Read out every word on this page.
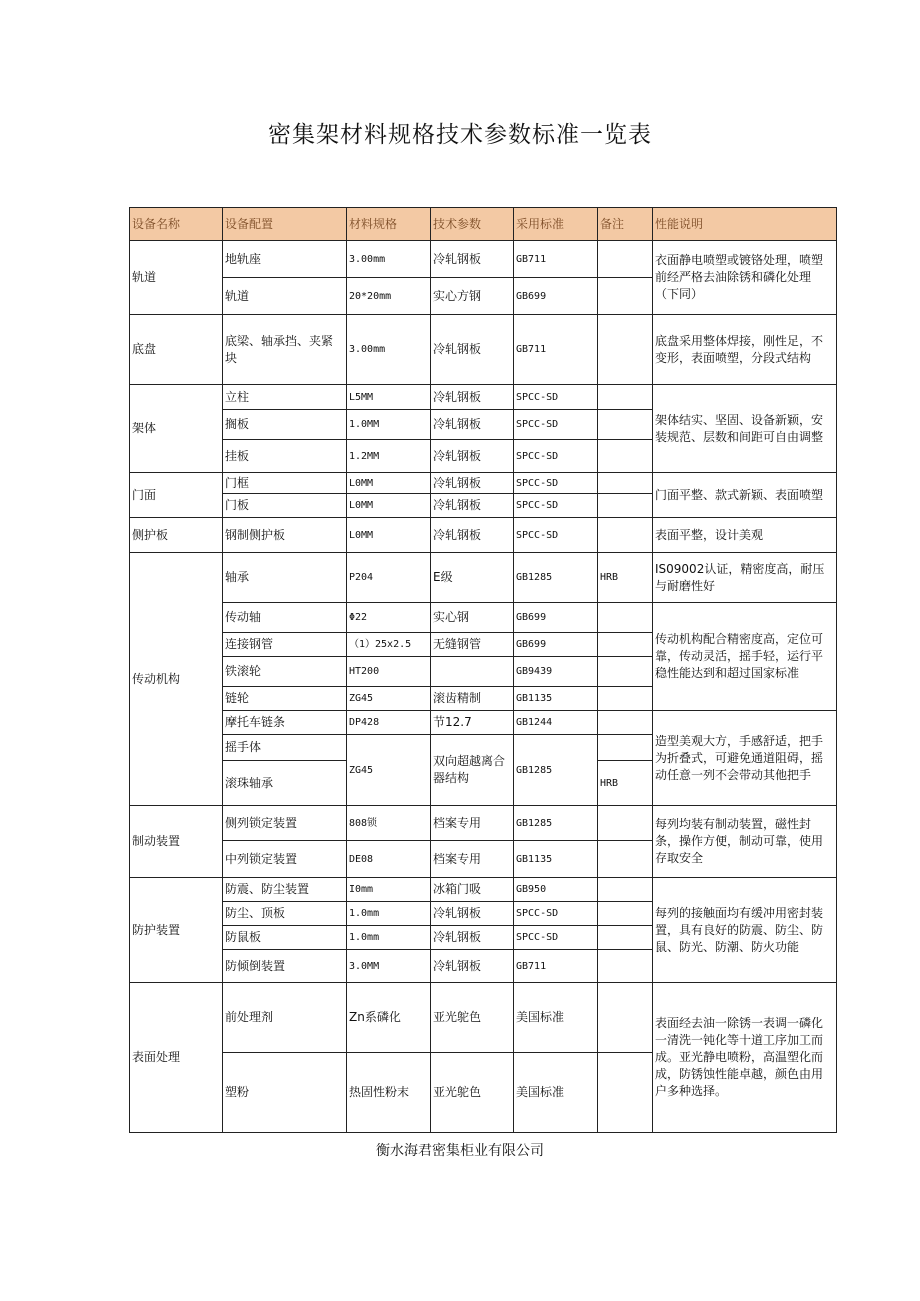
密集架材料规格技术参数标准一览表
设备名称	设备配置	材料规格	技术参数	采用标准	备注	性能说明
轨道	地轨座	3.00mm	冷轧钢板	GB711		衣面静电喷塑或镀铬处理，喷塑前经严格去油除锈和磷化处理（下同）
	轨道	20*20mm	实心方钢	GB699		
底盘	底梁、轴承挡、夹紧块	3.00mm	冷轧钢板	GB711		底盘采用整体焊接，刚性足，不变形，表面喷塑，分段式结构
架体	立柱	L5MM	冷轧钢板	SPCC-SD		架体结实、坚固、设备新颖，安装规范、层数和间距可自由调整
	搁板	1.0MM	冷轧钢板	SPCC-SD		
	挂板	1.2MM	冷轧钢板	SPCC-SD		
门面	门框	L0MM	冷轧钢板	SPCC-SD		门面平整、款式新颖、表面喷塑
	门板	L0MM	冷轧钢板	SPCC-SD		
侧护板	钢制侧护板	L0MM	冷轧钢板	SPCC-SD		表面平整，设计美观
传动机构	轴承	P204	E级	GB1285	HRB	IS09002认证，精密度高，耐压与耐磨性好
	传动轴	Φ22	实心钢	GB699		传动机构配合精密度高，定位可靠，传动灵活，摇手轻，运行平稳性能达到和超过国家标准
	连接钢管	（1）25x2.5	无缝钢管	GB699		
	铁滚轮	HT200		GB9439		
	链轮	ZG45	滚齿精制	GB1135		
	摩托车链条	DP428	节12.7	GB1244		造型美观大方，手感舒适，把手为折叠式，可避免通道阻碍，摇动任意一列不会带动其他把手
	摇手体	ZG45	双向超越离合器结构	GB1285		
	滚珠轴承				HRB	
制动装置	侧列锁定装置	808锁	档案专用	GB1285		每列均装有制动装置，磁性封条，操作方便，制动可靠，使用存取安全
	中列锁定装置	DE08	档案专用	GB1135		
防护装置	防震、防尘装置	I0mm	冰箱门吸	GB950		每列的接触面均有缓冲用密封装置，具有良好的防震、防尘、防鼠、防光、防潮、防火功能
	防尘、顶板	1.0mm	冷轧钢板	SPCC-SD		
	防鼠板	1.0mm	冷轧钢板	SPCC-SD		
	防倾倒装置	3.0MM	冷轧钢板	GB711		
表面处理	前处理剂	Zn系磷化	亚光鸵色	美国标准		表面经去油一除锈一表调一磷化一清洗一钝化等十道工序加工而成。亚光静电喷粉，高温塑化而成，防锈蚀性能卓越，颜色由用户多种选择。
	塑粉	热固性粉末	亚光鸵色	美国标准		
衡水海君密集柜业有限公司
